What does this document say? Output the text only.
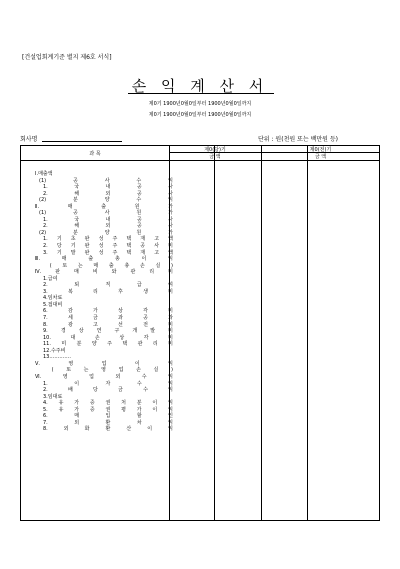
[건설업회계기준 별지 제6호 서식]
손 익 계 산 서
제0기 1900년0월0일부터 1900년0월0일까지
제0기 1900년0월0일부터 1900년0월0일까지
회사명	단위 : 원(천원 또는 백만원 등)
과 목
제0(당)기	제0(전)기
금 액	금 액
Ⅰ. 매출액
(1)	공	사	수	익
1.	국	내	공	사
2.	해	외	공	사
(2)	분	양	수	익
Ⅱ.	매	출	원	가
(1)	공	사	원	가
1.	국	내	공	사
2.	해	외	공	사
(2)	분	양	원	가
1. 기 초 완 성 주 택 재 고 액
2. 당 기 완 성 주 택 공 사 비
3. 기 말 완 성 주 택 재 고 액
Ⅲ.	매	출	총	이	익
( 또 는 매 출 총 손 실 )
Ⅳ.	판	매	비	와	관	리	비
1. 급여
2.	퇴	직	급	여
3.	복	리	후	생	비
4. 임차료
5. 접대비
6.	감	가	상	각	비
7.	세	금	과	공	과
8.	광	고	선	전	비
9.	경	상	연	구	개	발	비
10.	대	손	상	각	비
11. 미 분 양 주 택 관 리 비
12. 수주비
13. …………
Ⅴ.	영	업	이	익
(	또	는	영	업	손	실	)
Ⅵ.	영	업	외	수	익
1.	이	자	수	익
2.	배	당	금	수	익
3. 임대료
4. 유 가 증 권 처 분 이 익
5. 유 가 증 권 평 가 이 익
6.	매	입	할	인
7.	외	환	차	익
8.	외	화	환	산	이	익
